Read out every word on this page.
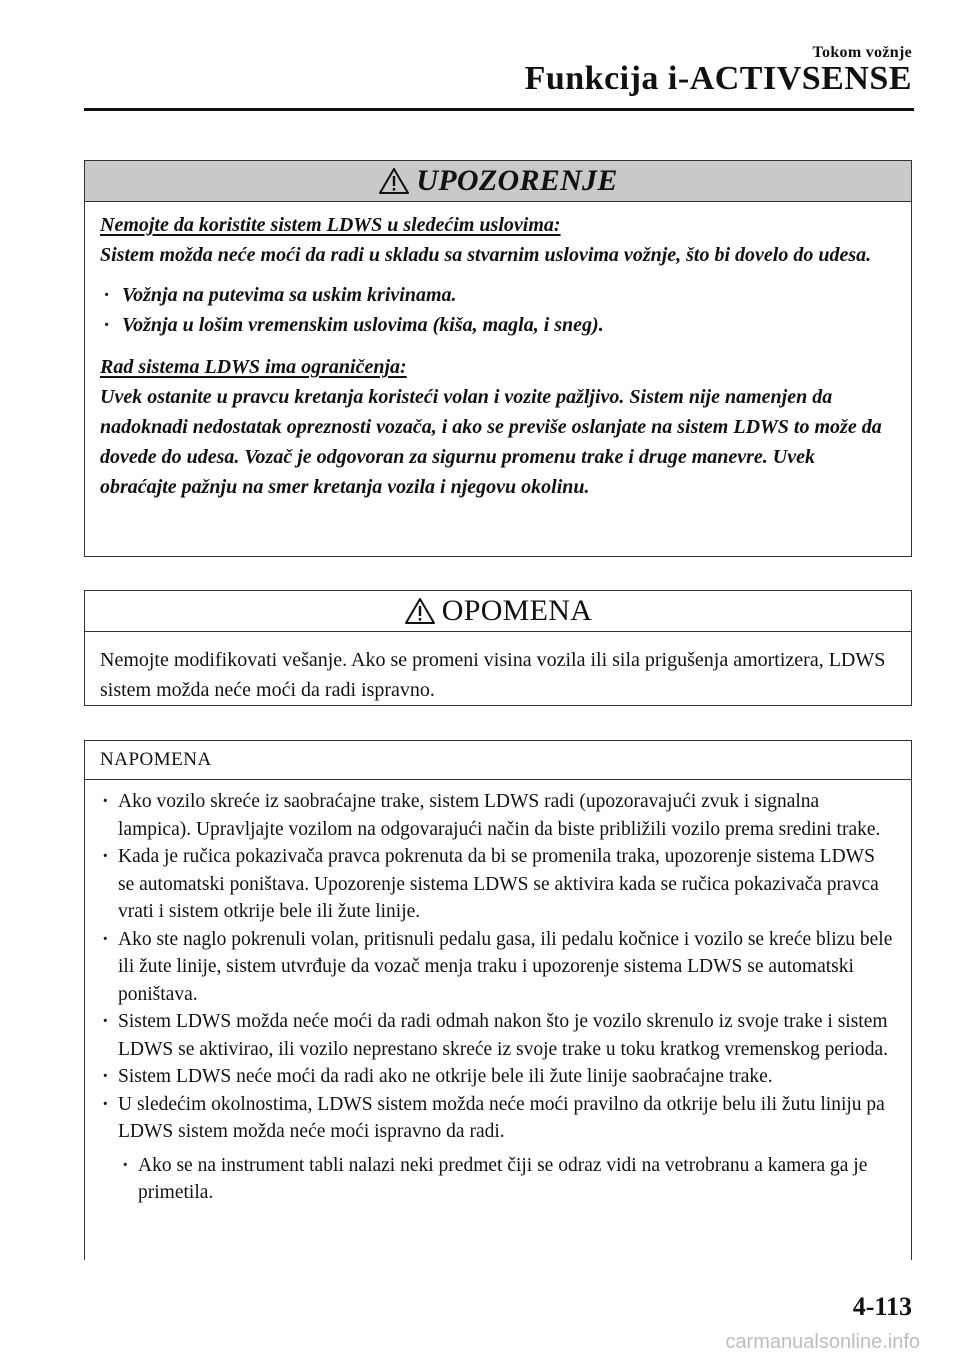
Tokom vožnje
Funkcija i-ACTIVSENSE
UPOZORENJE
Nemojte da koristite sistem LDWS u sledećim uslovima:
Sistem možda neće moći da radi u skladu sa stvarnim uslovima vožnje, što bi dovelo do udesa.
· Vožnja na putevima sa uskim krivinama.
· Vožnja u lošim vremenskim uslovima (kiša, magla, i sneg).
Rad sistema LDWS ima ograničenja:
Uvek ostanite u pravcu kretanja koristeći volan i vozite pažljivo. Sistem nije namenjen da nadoknadi nedostatak opreznosti vozača, i ako se previše oslanjate na sistem LDWS to može da dovede do udesa. Vozač je odgovoran za sigurnu promenu trake i druge manevre. Uvek obraćajte pažnju na smer kretanja vozila i njegovu okolinu.
OPOMENA
Nemojte modifikovati vešanje. Ako se promeni visina vozila ili sila prigušenja amortizera, LDWS sistem možda neće moći da radi ispravno.
NAPOMENA
· Ako vozilo skreće iz saobraćajne trake, sistem LDWS radi (upozoravajući zvuk i signalna lampica). Upravljajte vozilom na odgovarajući način da biste približili vozilo prema sredini trake.
· Kada je ručica pokazivača pravca pokrenuta da bi se promenila traka, upozorenje sistema LDWS se automatski poništava. Upozorenje sistema LDWS se aktivira kada se ručica pokazivača pravca vrati i sistem otkrije bele ili žute linije.
· Ako ste naglo pokrenuli volan, pritisnuli pedalu gasa, ili pedalu kočnice i vozilo se kreće blizu bele ili žute linije, sistem utvrđuje da vozač menja traku i upozorenje sistema LDWS se automatski poništava.
· Sistem LDWS možda neće moći da radi odmah nakon što je vozilo skrenulo iz svoje trake i sistem LDWS se aktivirao, ili vozilo neprestano skreće iz svoje trake u toku kratkog vremenskog perioda.
· Sistem LDWS neće moći da radi ako ne otkrije bele ili žute linije saobraćajne trake.
· U sledećim okolnostima, LDWS sistem možda neće moći pravilno da otkrije belu ili žutu liniju pa LDWS sistem možda neće moći ispravno da radi.
· Ako se na instrument tabli nalazi neki predmet čiji se odraz vidi na vetrobranu a kamera ga je primetila.
4-113
carmanualsonline.info
